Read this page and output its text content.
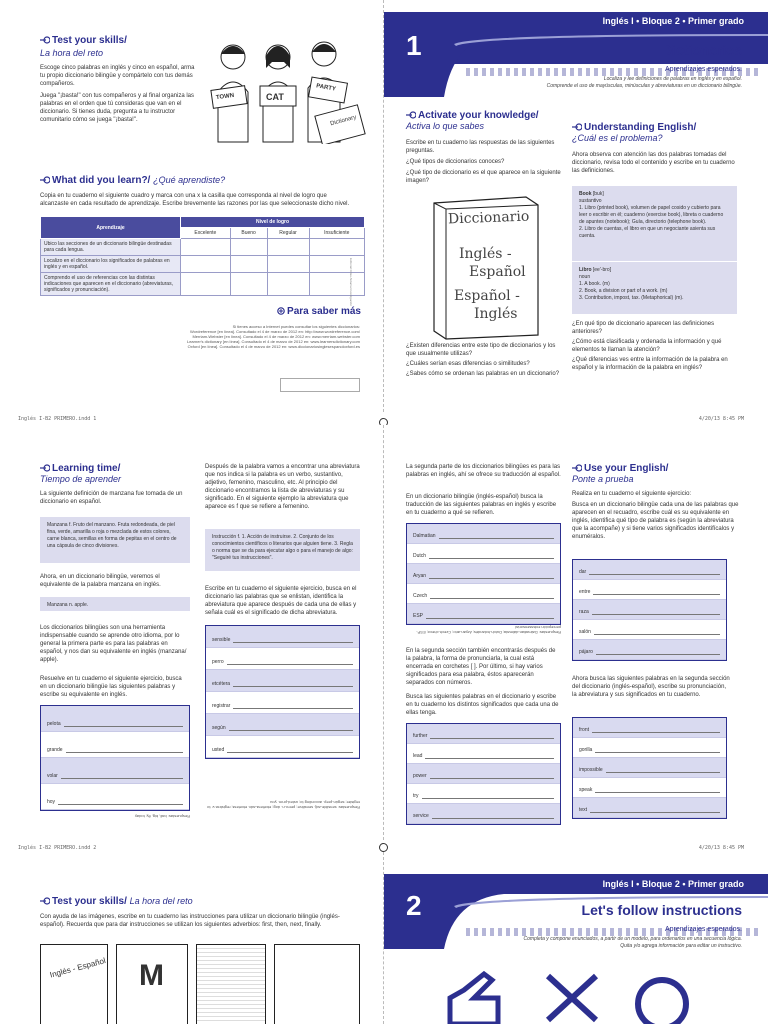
Test your skills/
La hora del reto

Escoge cinco palabras en inglés y cinco en español, arma tu propio diccionario bilingüe y compártelo con tus demás compañeros.

Juega "¡basta!" con tus compañeros y al final organiza las palabras en el orden que tú consideras que van en el diccionario. Si tienes duda, pregunta a tu instructor comunitario cómo se juega "¡basta!".

TOWN	CAT
PARTY
Dictionary
What did you learn?/ ¿Qué aprendiste?

Copia en tu cuaderno el siguiente cuadro y marca con una x la casilla que corresponda al nivel de logro que alcanzaste en cada resultado de aprendizaje. Escribe brevemente las razones por las que seleccionaste dicho nivel.

Aprendizaje	Nivel de logro			
	Excelente	Bueno	Regular	Insuficiente
Ubico las secciones de un diccionario bilingüe destinadas para cada lengua.				
Localizo en el diccionario los significados de palabras en inglés y en español.				
Comprendo el uso de referencias con las distintas indicaciones que aparecen en el diccionario (abreviaturas, significados y pronunciación).				
Para saber más
Si tienes acceso a Internet puedes consultar los siguientes diccionarios:
Wordreference [en línea]. Consultado el 4 de marzo de 2012 en: http://www.wordreference.com/
Merriam-Webster [en línea]. Consultado el 4 de marzo de 2012 en: www.merriam-webster.com
Learner's dictionary [en línea]. Consultado el 4 de marzo de 2012 en: www.learnersdictionary.com
Oxford [en línea]. Consultado el 4 de marzo de 2012 en: www.diccionariosinglesespanoloxford.es
Editorial Fitlas Aldama Investigación
1
Inglés I • Bloque 2 • Primer grado
Dictionaries
Aprendizajes esperados:
Localiza y lee definiciones de palabras en inglés y en español.
Comprende el uso de mayúsculas, minúsculas y abreviaturas en un diccionario bilingüe.
Activate your knowledge/
Activa lo que sabes

Escribe en tu cuaderno las respuestas de las siguientes preguntas.

¿Qué tipos de diccionarios conoces?

¿Qué tipo de diccionario es el que aparece en la siguiente imagen?

Diccionario
Inglés -
Español
Español -
Inglés

¿Existen diferencias entre este tipo de diccionarios y los que usualmente utilizas?

¿Cuáles serían esas diferencias o similitudes?

¿Sabes cómo se ordenan las palabras en un diccionario?

Understanding English/
¿Cuál es el problema?

Ahora observa con atención las dos palabras tomadas del diccionario, revisa todo el contenido y escribe en tu cuaderno las definiciones.

Book [buk]
sustantivo
1. Libro (printed book), volumen de papel cosido y cubierto para leer o escribir en él; cuaderno (exercise book), libreta o cuaderno de apuntes (notebook); Guía, directorio (telephone book).
2. Libro de cuentas, el libro en que un negociante asienta sus cuenta.
Libro [ee'-bro]
noun
1. A book. (m)
2. Book, a division or part of a work. (m)
3. Contribution, impost, tax. (Metaphorical) (m).

¿En qué tipo de diccionario aparecen las definiciones anteriores?

¿Cómo está clasificada y ordenada la información y qué elementos te llaman la atención?

¿Qué diferencias ves entre la información de la palabra en español y la información de la palabra en inglés?

Inglés I-B2 PRIMERO.indd 1	4/20/13 8:45 PM
Inglés I-B2 PRIMERO.indd 2	4/20/13 8:45 PM
Learning time/
Tiempo de aprender

La siguiente definición de manzana fue tomada de un diccionario en español.

Manzana f. Fruto del manzano. Fruta redondeada, de piel fina, verde, amarilla o roja o mezclada de estos colores, carne blanca, semillas en forma de pepitas en el centro de una cápsula de cinco divisiones.

Ahora, en un diccionario bilingüe, veremos el equivalente de la palabra manzana en inglés.

Manzana n. apple.

Los diccionarios bilingües son una herramienta indispensable cuando se aprende otro idioma, por lo general la primera parte es para las palabras en español, y nos dan su equivalente en inglés (manzana/ apple).

Resuelve en tu cuaderno el siguiente ejercicio, busca en un diccionario bilingüe las siguientes palabras y escribe su equivalente en inglés.

pelota
grande
volar
hoy
Respuestas: ball, big, fly, today

Después de la palabra vamos a encontrar una abreviatura que nos indica si la palabra es un verbo, sustantivo, adjetivo, femenino, masculino, etc. Al principio del diccionario encontramos la lista de abreviaturas y su significado. En el siguiente ejemplo la abreviatura que aparece es f que se refiere a femenino.

Instrucción f. 1. Acción de instruirse. 2. Conjunto de los conocimientos científicos o literarios que alguien tiene. 3. Regla o norma que se da para ejecutar algo o para el manejo de algo: "Seguiré tus instrucciones".

Escribe en tu cuaderno el siguiente ejercicio, busca en el diccionario las palabras que se enlistan, identifica la abreviatura que aparece después de cada una de ellas y señala cuál es el significado de dicha abreviatura.

sensible
perro
etcétera
registrar
según
usted
Respuestas: sensible-adj. sensitive; perro-n. dog; etcétera-adv. etcetera; registrar-v. to register; según-prep. according to; usted-pron. you

La segunda parte de los diccionarios bilingües es para las palabras en inglés, ahí se ofrece su traducción al español.

En un diccionario bilingüe (inglés-español) busca la traducción de las siguientes palabras en inglés y escribe en tu cuaderno a qué se refieren.

Dalmatian
Dutch
Aryan
Czech
ESP
Respuestas: Dalmatian-dálmata; Dutch-holandés; Aryan-ario; Czech-checo; ESP-percepción extrasensorial

En la segunda sección también encontrarás después de la palabra, la forma de pronunciarla, la cual está encerrada en corchetes [ ]. Por último, si hay varios significados para esa palabra, éstos aparecerán separados con números.

Busca las siguientes palabras en el diccionario y escribe en tu cuaderno los distintos significados que cada una de ellas tenga.

further
lead
power
try
service
Use your English/
Ponte a prueba

Realiza en tu cuaderno el siguiente ejercicio:

Busca en un diccionario bilingüe cada una de las palabras que aparecen en el recuadro, escribe cuál es su equivalente en inglés, identifica qué tipo de palabra es (según la abreviatura que la acompañe) y si tiene varios significados identifícalos y enuméralos.

dar
entre
raza
salón
pájaro

Ahora busca las siguientes palabras en la segunda sección del diccionario (inglés-español), escribe su pronunciación, la abreviatura y sus significados en tu cuaderno.

front
gorilla
impossible
speak
text
Test your skills/ La hora del reto

Con ayuda de las imágenes, escribe en tu cuaderno las instrucciones para utilizar un diccionario bilingüe (inglés-español). Recuerda que para dar instrucciones se utilizan los siguientes adverbios: first, then, next, finally.

Inglés - Español M
2
Inglés I • Bloque 2 • Primer grado
Let's follow instructions
Aprendizajes esperados:
Completa y compone enunciados, a partir de un modelo, para ordenarlos en una secuencia lógica.
Quita y/o agrega información para editar un instructivo.
